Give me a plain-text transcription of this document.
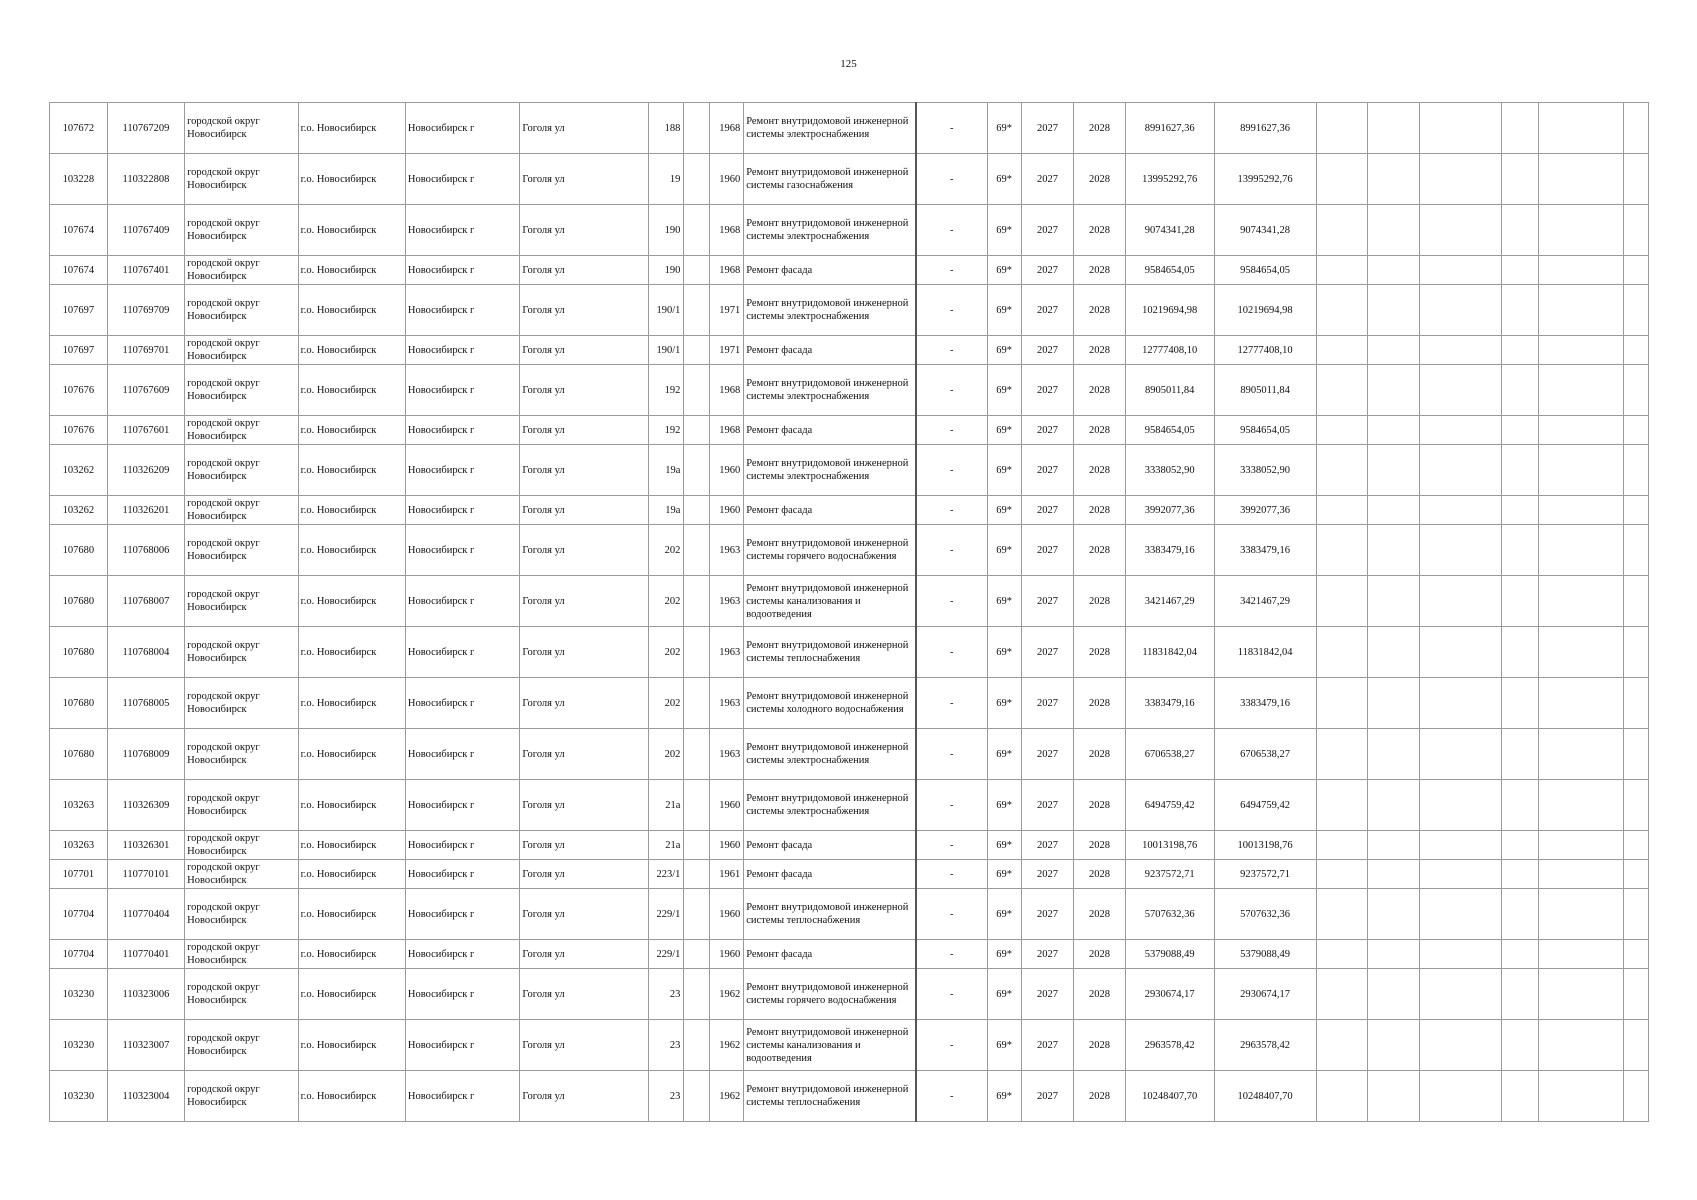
125
107672	110767209	городской округ Новосибирск	г.о. Новосибирск	Новосибирск г	Гоголя ул	188		1968	Ремонт внутридомовой инженерной системы электроснабжения	-	69*	2027	2028	8991627,36	8991627,36						
103228	110322808	городской округ Новосибирск	г.о. Новосибирск	Новосибирск г	Гоголя ул	19		1960	Ремонт внутридомовой инженерной системы газоснабжения	-	69*	2027	2028	13995292,76	13995292,76						
107674	110767409	городской округ Новосибирск	г.о. Новосибирск	Новосибирск г	Гоголя ул	190		1968	Ремонт внутридомовой инженерной системы электроснабжения	-	69*	2027	2028	9074341,28	9074341,28						
107674	110767401	городской округ Новосибирск	г.о. Новосибирск	Новосибирск г	Гоголя ул	190		1968	Ремонт фасада	-	69*	2027	2028	9584654,05	9584654,05						
107697	110769709	городской округ Новосибирск	г.о. Новосибирск	Новосибирск г	Гоголя ул	190/1		1971	Ремонт внутридомовой инженерной системы электроснабжения	-	69*	2027	2028	10219694,98	10219694,98						
107697	110769701	городской округ Новосибирск	г.о. Новосибирск	Новосибирск г	Гоголя ул	190/1		1971	Ремонт фасада	-	69*	2027	2028	12777408,10	12777408,10						
107676	110767609	городской округ Новосибирск	г.о. Новосибирск	Новосибирск г	Гоголя ул	192		1968	Ремонт внутридомовой инженерной системы электроснабжения	-	69*	2027	2028	8905011,84	8905011,84						
107676	110767601	городской округ Новосибирск	г.о. Новосибирск	Новосибирск г	Гоголя ул	192		1968	Ремонт фасада	-	69*	2027	2028	9584654,05	9584654,05						
103262	110326209	городской округ Новосибирск	г.о. Новосибирск	Новосибирск г	Гоголя ул	19а		1960	Ремонт внутридомовой инженерной системы электроснабжения	-	69*	2027	2028	3338052,90	3338052,90						
103262	110326201	городской округ Новосибирск	г.о. Новосибирск	Новосибирск г	Гоголя ул	19а		1960	Ремонт фасада	-	69*	2027	2028	3992077,36	3992077,36						
107680	110768006	городской округ Новосибирск	г.о. Новосибирск	Новосибирск г	Гоголя ул	202		1963	Ремонт внутридомовой инженерной системы горячего водоснабжения	-	69*	2027	2028	3383479,16	3383479,16						
107680	110768007	городской округ Новосибирск	г.о. Новосибирск	Новосибирск г	Гоголя ул	202		1963	Ремонт внутридомовой инженерной системы канализования и водоотведения	-	69*	2027	2028	3421467,29	3421467,29						
107680	110768004	городской округ Новосибирск	г.о. Новосибирск	Новосибирск г	Гоголя ул	202		1963	Ремонт внутридомовой инженерной системы теплоснабжения	-	69*	2027	2028	11831842,04	11831842,04						
107680	110768005	городской округ Новосибирск	г.о. Новосибирск	Новосибирск г	Гоголя ул	202		1963	Ремонт внутридомовой инженерной системы холодного водоснабжения	-	69*	2027	2028	3383479,16	3383479,16						
107680	110768009	городской округ Новосибирск	г.о. Новосибирск	Новосибирск г	Гоголя ул	202		1963	Ремонт внутридомовой инженерной системы электроснабжения	-	69*	2027	2028	6706538,27	6706538,27						
103263	110326309	городской округ Новосибирск	г.о. Новосибирск	Новосибирск г	Гоголя ул	21а		1960	Ремонт внутридомовой инженерной системы электроснабжения	-	69*	2027	2028	6494759,42	6494759,42						
103263	110326301	городской округ Новосибирск	г.о. Новосибирск	Новосибирск г	Гоголя ул	21а		1960	Ремонт фасада	-	69*	2027	2028	10013198,76	10013198,76						
107701	110770101	городской округ Новосибирск	г.о. Новосибирск	Новосибирск г	Гоголя ул	223/1		1961	Ремонт фасада	-	69*	2027	2028	9237572,71	9237572,71						
107704	110770404	городской округ Новосибирск	г.о. Новосибирск	Новосибирск г	Гоголя ул	229/1		1960	Ремонт внутридомовой инженерной системы теплоснабжения	-	69*	2027	2028	5707632,36	5707632,36						
107704	110770401	городской округ Новосибирск	г.о. Новосибирск	Новосибирск г	Гоголя ул	229/1		1960	Ремонт фасада	-	69*	2027	2028	5379088,49	5379088,49						
103230	110323006	городской округ Новосибирск	г.о. Новосибирск	Новосибирск г	Гоголя ул	23		1962	Ремонт внутридомовой инженерной системы горячего водоснабжения	-	69*	2027	2028	2930674,17	2930674,17						
103230	110323007	городской округ Новосибирск	г.о. Новосибирск	Новосибирск г	Гоголя ул	23		1962	Ремонт внутридомовой инженерной системы канализования и водоотведения	-	69*	2027	2028	2963578,42	2963578,42						
103230	110323004	городской округ Новосибирск	г.о. Новосибирск	Новосибирск г	Гоголя ул	23		1962	Ремонт внутридомовой инженерной системы теплоснабжения	-	69*	2027	2028	10248407,70	10248407,70						
